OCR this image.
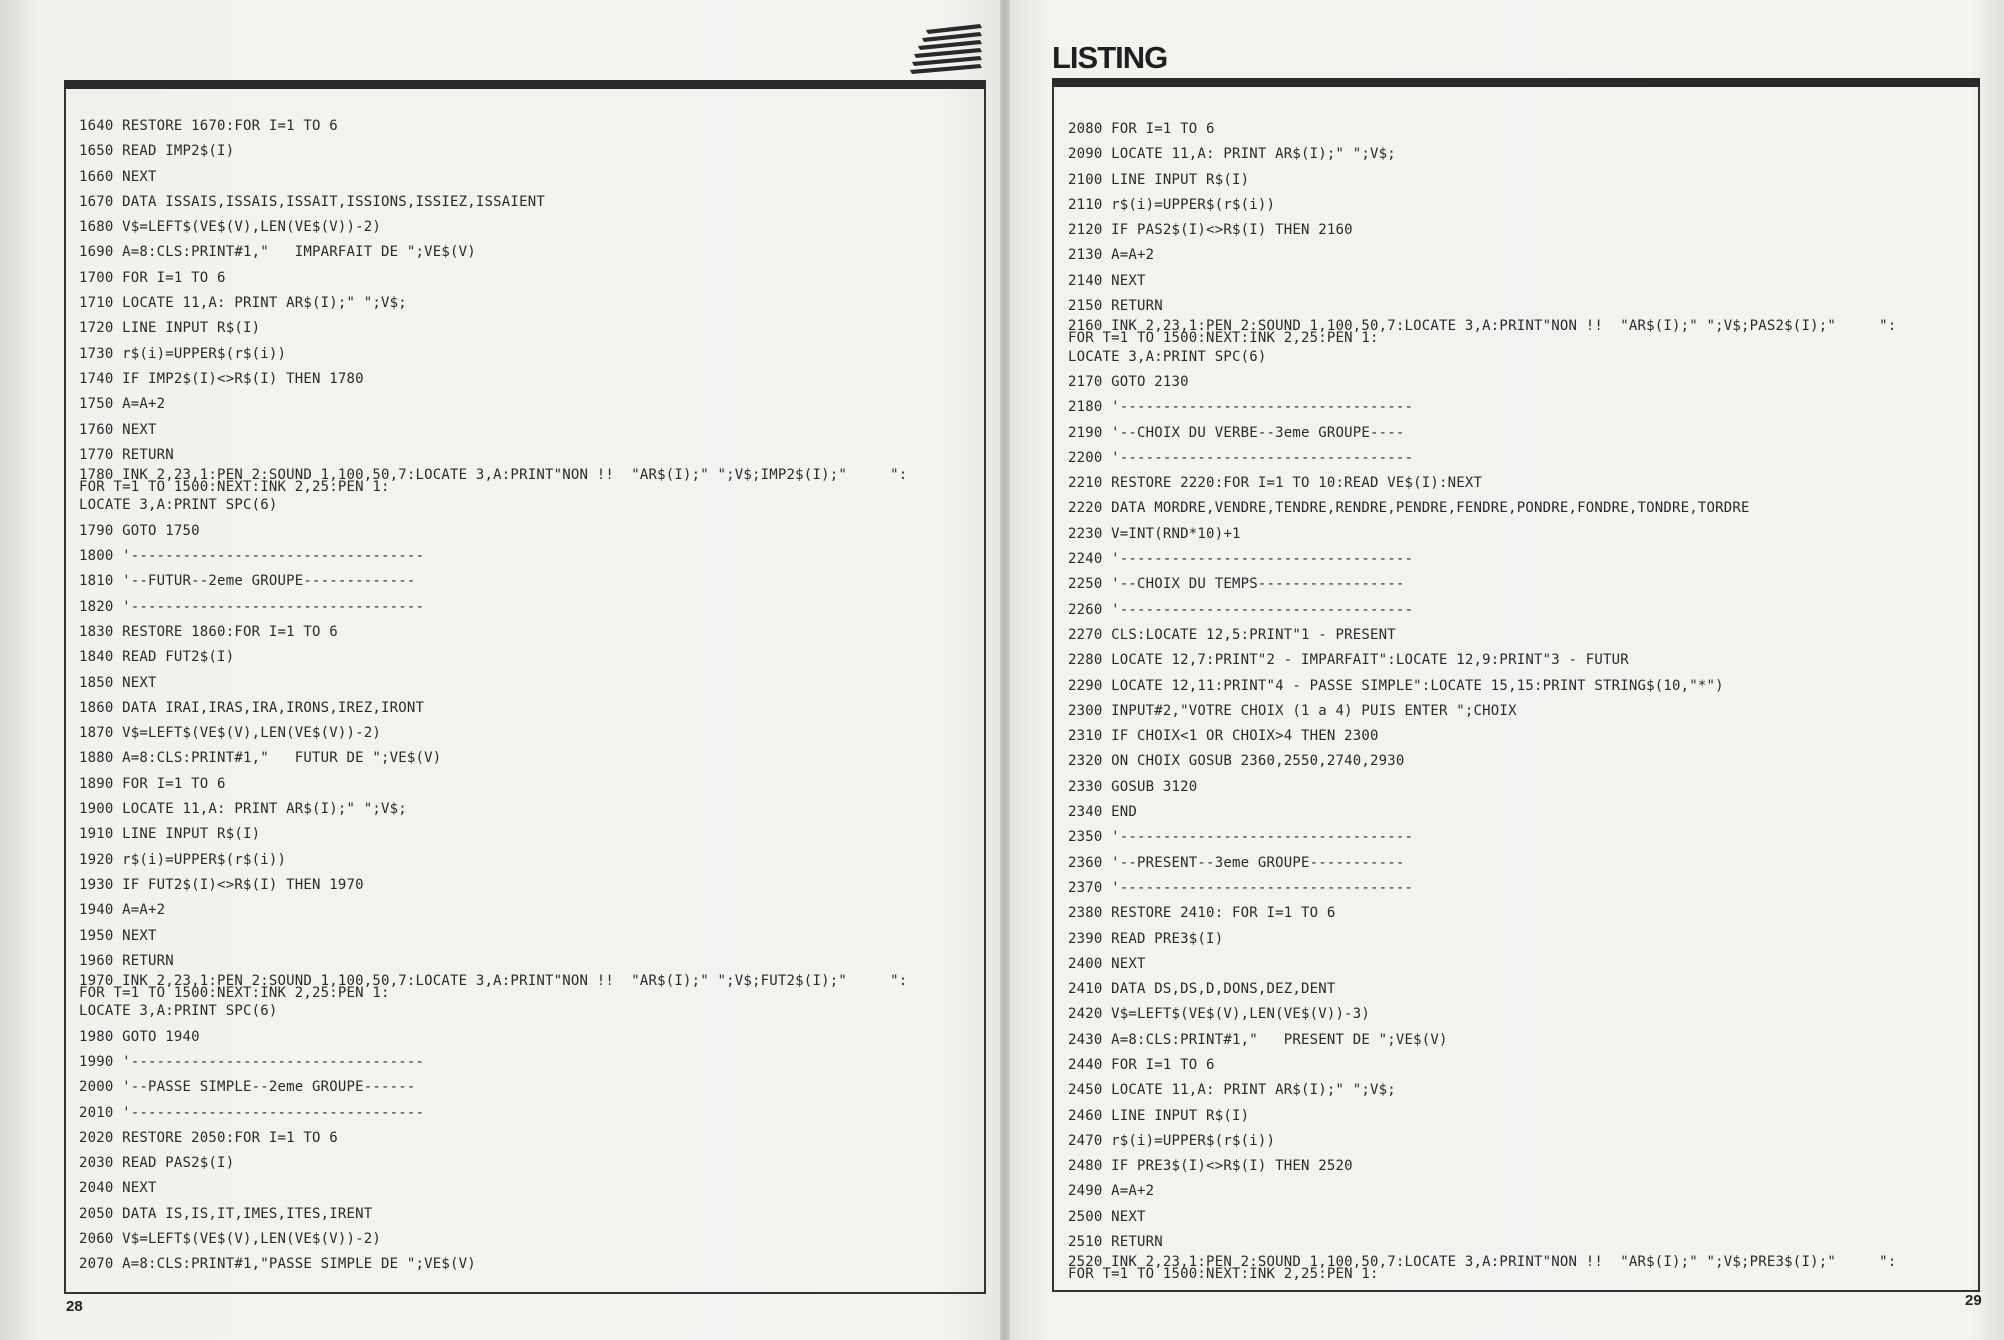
1640 RESTORE 1670:FOR I=1 TO 6
1650 READ IMP2$(I)
1660 NEXT
1670 DATA ISSAIS,ISSAIS,ISSAIT,ISSIONS,ISSIEZ,ISSAIENT
1680 V$=LEFT$(VE$(V),LEN(VE$(V))-2)
1690 A=8:CLS:PRINT#1,"   IMPARFAIT DE ";VE$(V)
1700 FOR I=1 TO 6
1710 LOCATE 11,A: PRINT AR$(I);" ";V$;
1720 LINE INPUT R$(I)
1730 r$(i)=UPPER$(r$(i))
1740 IF IMP2$(I)<>R$(I) THEN 1780
1750 A=A+2
1760 NEXT
1770 RETURN
1780 INK 2,23,1:PEN 2:SOUND 1,100,50,7:LOCATE 3,A:PRINT"NON !!  "AR$(I);" ";V$;IMP2$(I);"     ":
FOR T=1 TO 1500:NEXT:INK 2,25:PEN 1:
LOCATE 3,A:PRINT SPC(6)
1790 GOTO 1750
1800 '----------------------------------
1810 '--FUTUR--2eme GROUPE-------------
1820 '----------------------------------
1830 RESTORE 1860:FOR I=1 TO 6
1840 READ FUT2$(I)
1850 NEXT
1860 DATA IRAI,IRAS,IRA,IRONS,IREZ,IRONT
1870 V$=LEFT$(VE$(V),LEN(VE$(V))-2)
1880 A=8:CLS:PRINT#1,"   FUTUR DE ";VE$(V)
1890 FOR I=1 TO 6
1900 LOCATE 11,A: PRINT AR$(I);" ";V$;
1910 LINE INPUT R$(I)
1920 r$(i)=UPPER$(r$(i))
1930 IF FUT2$(I)<>R$(I) THEN 1970
1940 A=A+2
1950 NEXT
1960 RETURN
1970 INK 2,23,1:PEN 2:SOUND 1,100,50,7:LOCATE 3,A:PRINT"NON !!  "AR$(I);" ";V$;FUT2$(I);"     ":
FOR T=1 TO 1500:NEXT:INK 2,25:PEN 1:
LOCATE 3,A:PRINT SPC(6)
1980 GOTO 1940
1990 '----------------------------------
2000 '--PASSE SIMPLE--2eme GROUPE------
2010 '----------------------------------
2020 RESTORE 2050:FOR I=1 TO 6
2030 READ PAS2$(I)
2040 NEXT
2050 DATA IS,IS,IT,IMES,ITES,IRENT
2060 V$=LEFT$(VE$(V),LEN(VE$(V))-2)
2070 A=8:CLS:PRINT#1,"PASSE SIMPLE DE ";VE$(V)
28
LISTING
2080 FOR I=1 TO 6
2090 LOCATE 11,A: PRINT AR$(I);" ";V$;
2100 LINE INPUT R$(I)
2110 r$(i)=UPPER$(r$(i))
2120 IF PAS2$(I)<>R$(I) THEN 2160
2130 A=A+2
2140 NEXT
2150 RETURN
2160 INK 2,23,1:PEN 2:SOUND 1,100,50,7:LOCATE 3,A:PRINT"NON !!  "AR$(I);" ";V$;PAS2$(I);"     ":
FOR T=1 TO 1500:NEXT:INK 2,25:PEN 1:
LOCATE 3,A:PRINT SPC(6)
2170 GOTO 2130
2180 '----------------------------------
2190 '--CHOIX DU VERBE--3eme GROUPE----
2200 '----------------------------------
2210 RESTORE 2220:FOR I=1 TO 10:READ VE$(I):NEXT
2220 DATA MORDRE,VENDRE,TENDRE,RENDRE,PENDRE,FENDRE,PONDRE,FONDRE,TONDRE,TORDRE
2230 V=INT(RND*10)+1
2240 '----------------------------------
2250 '--CHOIX DU TEMPS-----------------
2260 '----------------------------------
2270 CLS:LOCATE 12,5:PRINT"1 - PRESENT
2280 LOCATE 12,7:PRINT"2 - IMPARFAIT":LOCATE 12,9:PRINT"3 - FUTUR
2290 LOCATE 12,11:PRINT"4 - PASSE SIMPLE":LOCATE 15,15:PRINT STRING$(10,"*")
2300 INPUT#2,"VOTRE CHOIX (1 a 4) PUIS ENTER ";CHOIX
2310 IF CHOIX<1 OR CHOIX>4 THEN 2300
2320 ON CHOIX GOSUB 2360,2550,2740,2930
2330 GOSUB 3120
2340 END
2350 '----------------------------------
2360 '--PRESENT--3eme GROUPE-----------
2370 '----------------------------------
2380 RESTORE 2410: FOR I=1 TO 6
2390 READ PRE3$(I)
2400 NEXT
2410 DATA DS,DS,D,DONS,DEZ,DENT
2420 V$=LEFT$(VE$(V),LEN(VE$(V))-3)
2430 A=8:CLS:PRINT#1,"   PRESENT DE ";VE$(V)
2440 FOR I=1 TO 6
2450 LOCATE 11,A: PRINT AR$(I);" ";V$;
2460 LINE INPUT R$(I)
2470 r$(i)=UPPER$(r$(i))
2480 IF PRE3$(I)<>R$(I) THEN 2520
2490 A=A+2
2500 NEXT
2510 RETURN
2520 INK 2,23,1:PEN 2:SOUND 1,100,50,7:LOCATE 3,A:PRINT"NON !!  "AR$(I);" ";V$;PRE3$(I);"     ":
FOR T=1 TO 1500:NEXT:INK 2,25:PEN 1:
29
